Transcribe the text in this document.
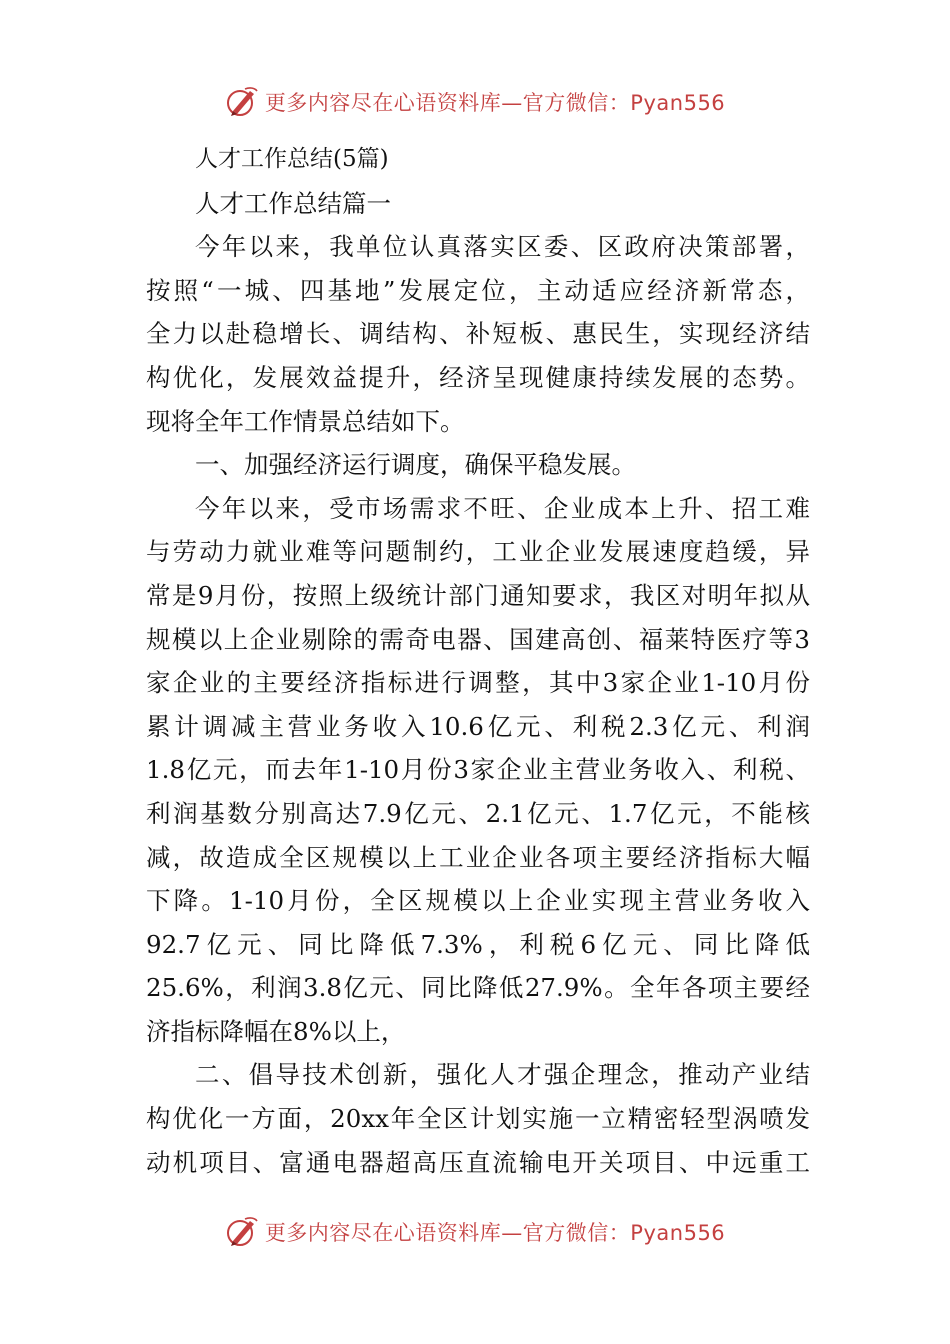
更多内容尽在心语资料库—官方微信：Pyan556
人才工作总结(5篇)
人才工作总结篇一
今年以来，我单位认真落实区委、区政府决策部署，
按照“一城、四基地”发展定位，主动适应经济新常态，
全力以赴稳增长、调结构、补短板、惠民生，实现经济结
构优化，发展效益提升，经济呈现健康持续发展的态势。
现将全年工作情景总结如下。
一、加强经济运行调度，确保平稳发展。
今年以来，受市场需求不旺、企业成本上升、招工难
与劳动力就业难等问题制约，工业企业发展速度趋缓，异
常是9月份，按照上级统计部门通知要求，我区对明年拟从
规模以上企业剔除的需奇电器、国建高创、福莱特医疗等3
家企业的主要经济指标进行调整，其中3家企业1-10月份
累计调减主营业务收入10.6亿元、利税2.3亿元、利润
1.8亿元，而去年1-10月份3家企业主营业务收入、利税、
利润基数分别高达7.9亿元、2.1亿元、1.7亿元，不能核
减，故造成全区规模以上工业企业各项主要经济指标大幅
下降。1-10月份，全区规模以上企业实现主营业务收入
92.7亿元、同比降低7.3%，利税6亿元、同比降低
25.6%，利润3.8亿元、同比降低27.9%。全年各项主要经
济指标降幅在8%以上，
二、倡导技术创新，强化人才强企理念，推动产业结
构优化一方面，20xx年全区计划实施一立精密轻型涡喷发
动机项目、富通电器超高压直流输电开关项目、中远重工
更多内容尽在心语资料库—官方微信：Pyan556
